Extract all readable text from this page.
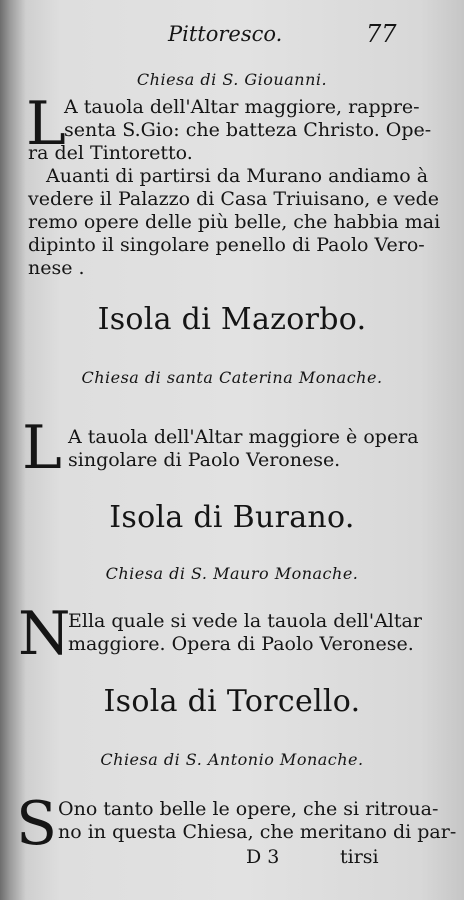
Pittoresco.	77
Chiesa di S. Giouanni.
L
A tauola dell'Altar maggiore, rappre-
senta S.Gio: che batteza Christo. Ope-
ra del Tintoretto.
Auanti di partirsi da Murano andiamo à
vedere il Palazzo di Casa Triuisano, e vede
remo opere delle più belle, che habbia mai
dipinto il singolare penello di Paolo Vero-
nese .
Isola di Mazorbo.
Chiesa di santa Caterina Monache.
L A tauola dell'Altar maggiore è opera
singolare di Paolo Veronese.
Isola di Burano.
Chiesa di S. Mauro Monache.
N
Ella quale si vede la tauola dell'Altar
maggiore. Opera di Paolo Veronese.
Isola di Torcello.
Chiesa di S. Antonio Monache.
S Ono tanto belle le opere, che si ritroua-
no in questa Chiesa, che meritano di par-
D 3	tirsi
